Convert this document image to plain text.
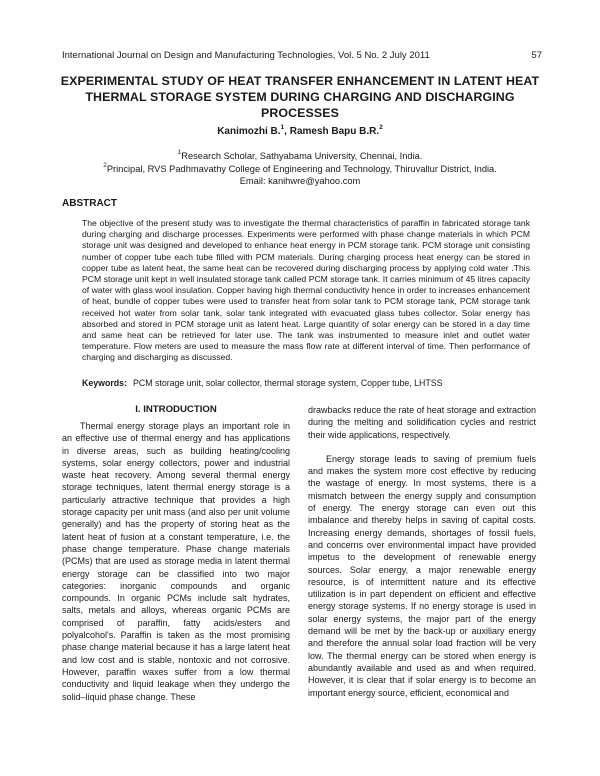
International Journal on Design and Manufacturing Technologies, Vol. 5 No. 2 July 2011	57
EXPERIMENTAL STUDY OF HEAT TRANSFER ENHANCEMENT IN LATENT HEAT THERMAL STORAGE SYSTEM DURING CHARGING AND DISCHARGING PROCESSES
Kanimozhi B.$^1$, Ramesh Bapu B.R.$^2$
$^1$Research Scholar, Sathyabama University, Chennai, India.
$^2$Principal, RVS Padhmavathy College of Engineering and Technology, Thiruvallur District, India.
Email: kanihwre@yahoo.com
ABSTRACT

The objective of the present study was to investigate the thermal characteristics of paraffin in fabricated storage tank during charging and discharge processes. Experiments were performed with phase change materials in which PCM storage unit was designed and developed to enhance heat energy in PCM storage tank. PCM storage unit consisting number of copper tube each tube filled with PCM materials. During charging process heat energy can be stored in copper tube as latent heat, the same heat can be recovered during discharging process by applying cold water .This PCM storage unit kept in well insulated storage tank called PCM storage tank. It carries minimum of 45 litres capacity of water with glass wool insulation. Copper having high thermal conductivity hence in order to increases enhancement of heat, bundle of copper tubes were used to transfer heat from solar tank to PCM storage tank, PCM storage tank received hot water from solar tank, solar tank integrated with evacuated glass tubes collector. Solar energy has absorbed and stored in PCM storage unit as latent heat. Large quantity of solar energy can be stored in a day time and same heat can be retrieved for later use. The tank was instrumented to measure inlet and outlet water temperature. Flow meters are used to measure the mass flow rate at different interval of time. Then performance of charging and discharging as discussed.

Keywords: PCM storage unit, solar collector, thermal storage system, Copper tube, LHTSS
I. INTRODUCTION

Thermal energy storage plays an important role in an effective use of thermal energy and has applications in diverse areas, such as building heating/cooling systems, solar energy collectors, power and industrial waste heat recovery. Among several thermal energy storage techniques, latent thermal energy storage is a particularly attractive technique that provides a high storage capacity per unit mass (and also per unit volume generally) and has the property of storing heat as the latent heat of fusion at a constant temperature, i.e. the phase change temperature. Phase change materials (PCMs) that are used as storage media in latent thermal energy storage can be classified into two major categories: inorganic compounds and organic compounds. In organic PCMs include salt hydrates, salts, metals and alloys, whereas organic PCMs are comprised of paraffin, fatty acids/esters and polyalcohol's. Paraffin is taken as the most promising phase change material because it has a large latent heat and low cost and is stable, nontoxic and not corrosive. However, paraffin waxes suffer from a low thermal conductivity and liquid leakage when they undergo the solid–liquid phase change. These

drawbacks reduce the rate of heat storage and extraction during the melting and solidification cycles and restrict their wide applications, respectively.

Energy storage leads to saving of premium fuels and makes the system more cost effective by reducing the wastage of energy. In most systems, there is a mismatch between the energy supply and consumption of energy. The energy storage can even out this imbalance and thereby helps in saving of capital costs. Increasing energy demands, shortages of fossil fuels, and concerns over environmental impact have provided impetus to the development of renewable energy sources. Solar energy, a major renewable energy resource, is of intermittent nature and its effective utilization is in part dependent on efficient and effective energy storage systems. If no energy storage is used in solar energy systems, the major part of the energy demand will be met by the back-up or auxiliary energy and therefore the annual solar load fraction will be very low. The thermal energy can be stored when energy is abundantly available and used as and when required. However, it is clear that if solar energy is to become an important energy source, efficient, economical and
